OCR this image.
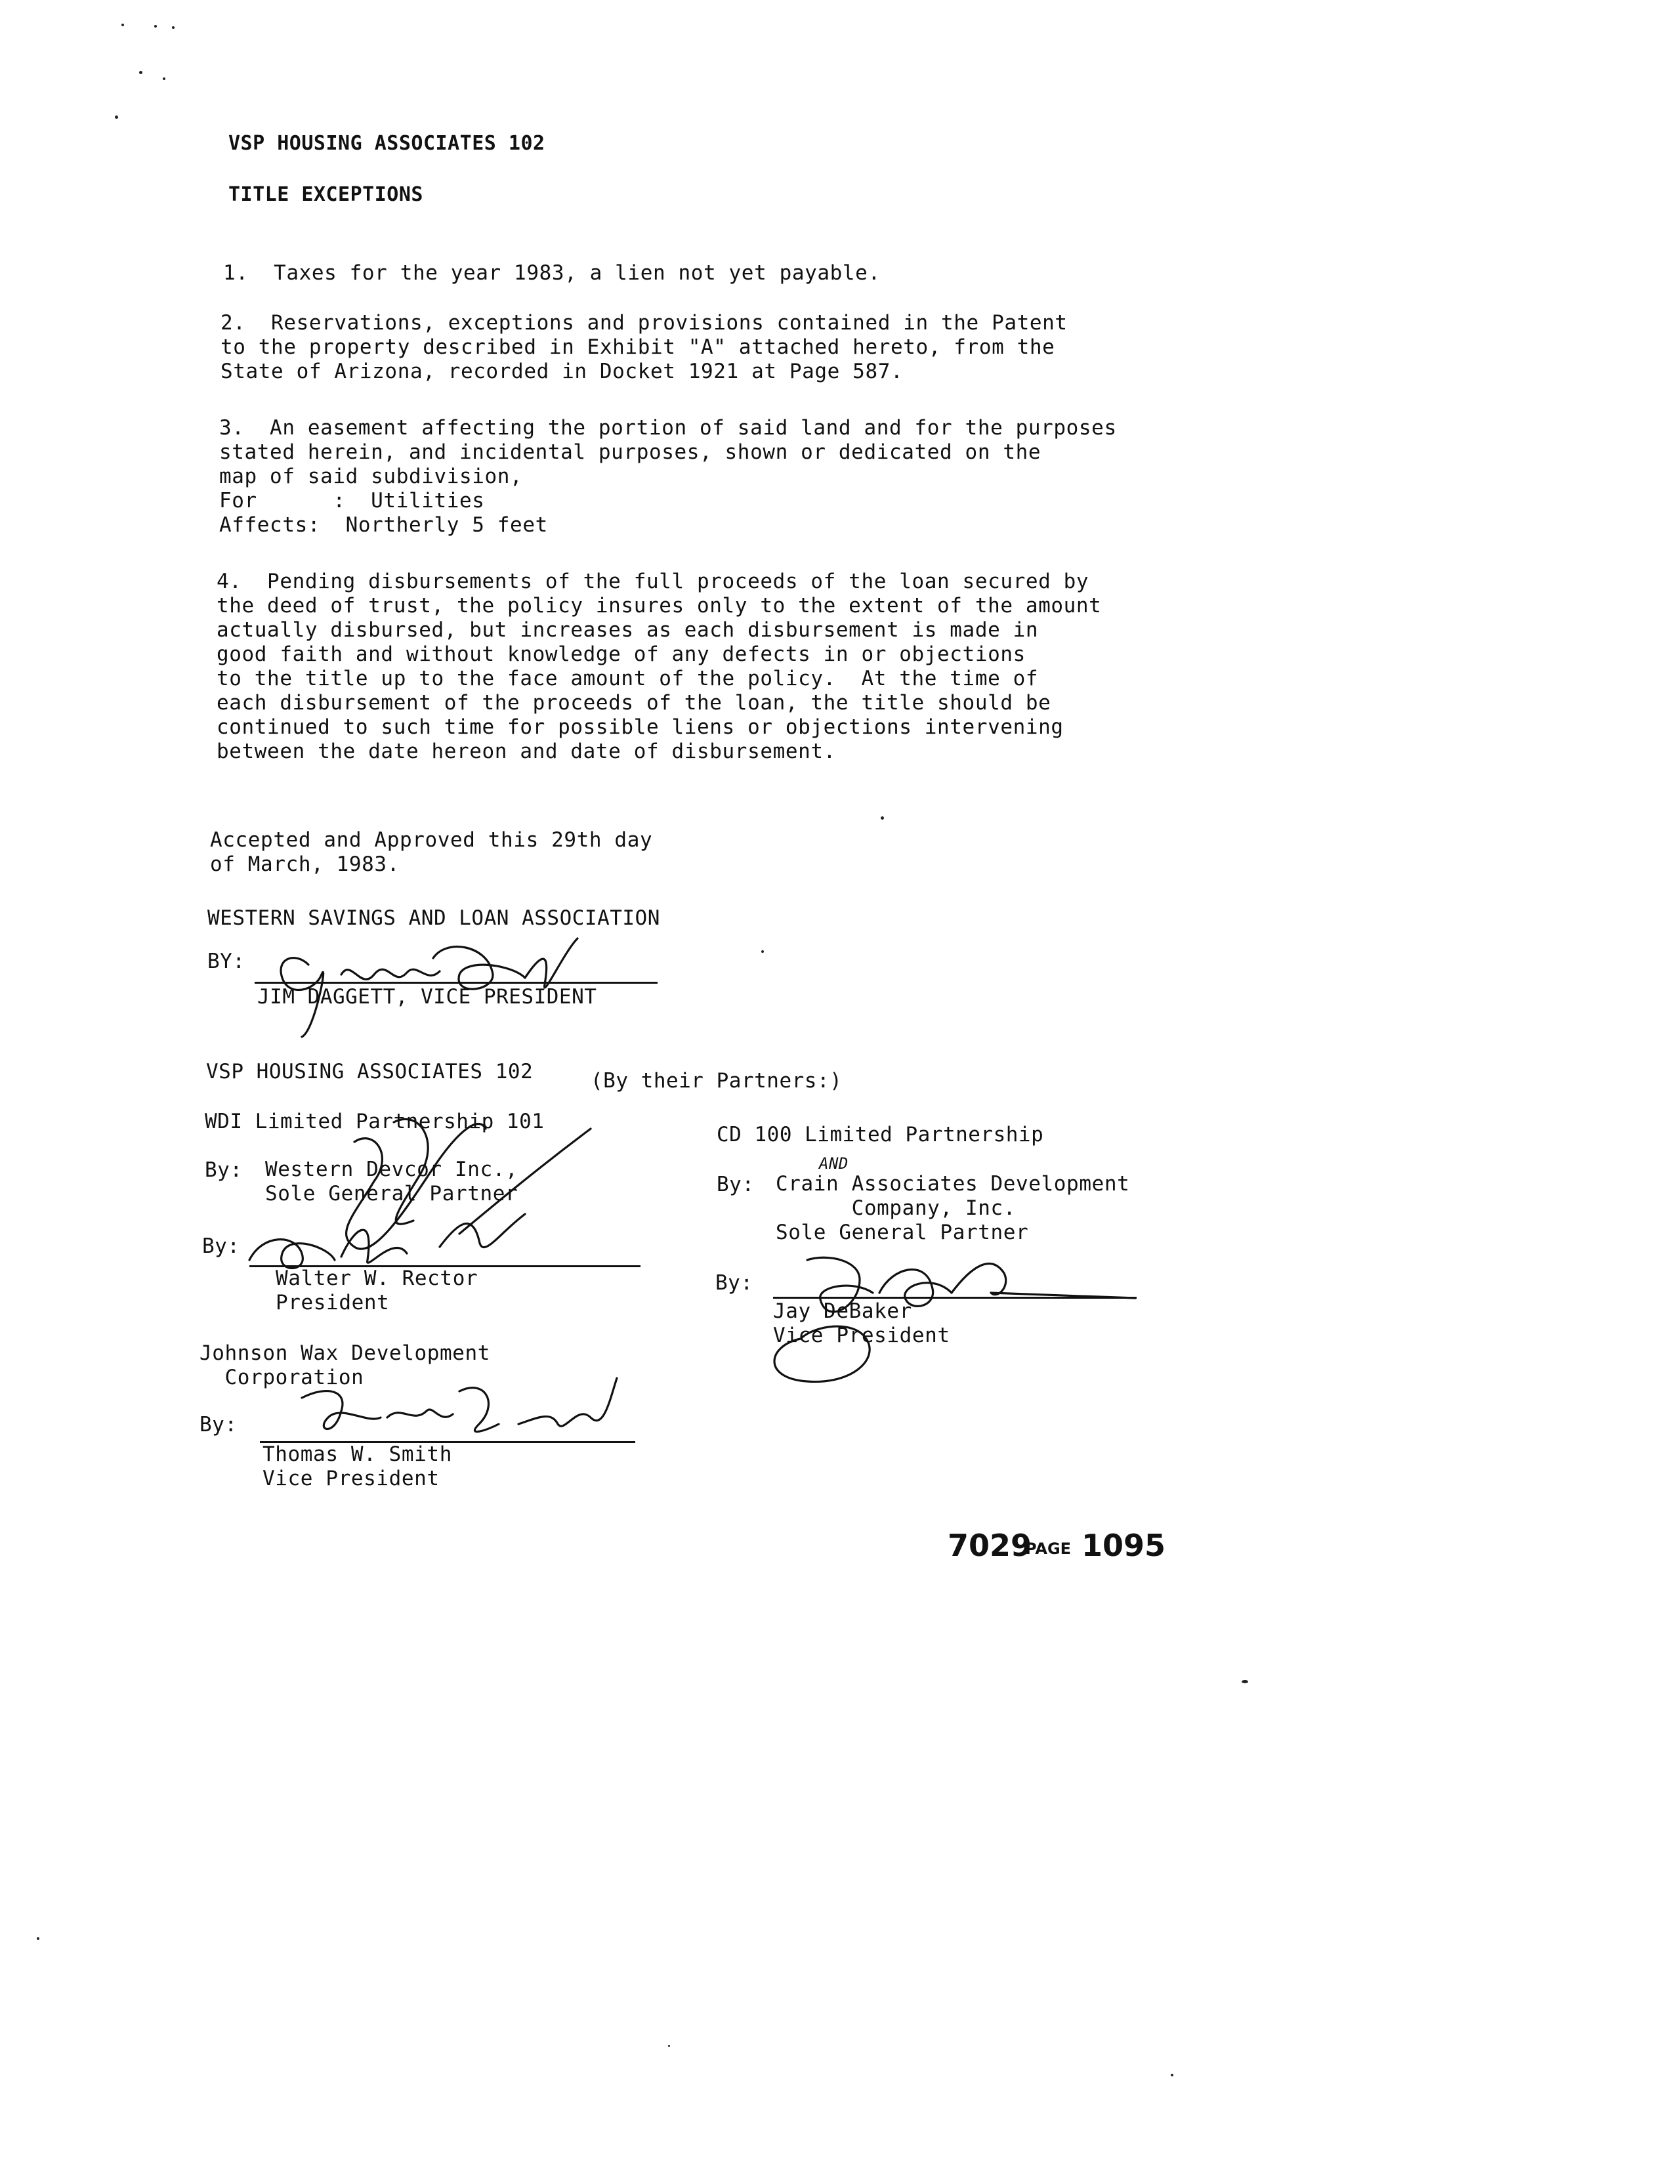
VSP HOUSING ASSOCIATES 102
TITLE EXCEPTIONS
1.  Taxes for the year 1983, a lien not yet payable.
2.  Reservations, exceptions and provisions contained in the Patent
to the property described in Exhibit "A" attached hereto, from the
State of Arizona, recorded in Docket 1921 at Page 587.
3.  An easement affecting the portion of said land and for the purposes
stated herein, and incidental purposes, shown or dedicated on the
map of said subdivision,
For      :  Utilities
Affects:  Northerly 5 feet
4.  Pending disbursements of the full proceeds of the loan secured by
the deed of trust, the policy insures only to the extent of the amount
actually disbursed, but increases as each disbursement is made in
good faith and without knowledge of any defects in or objections
to the title up to the face amount of the policy.  At the time of
each disbursement of the proceeds of the loan, the title should be
continued to such time for possible liens or objections intervening
between the date hereon and date of disbursement.
Accepted and Approved this 29th day
of March, 1983.
WESTERN SAVINGS AND LOAN ASSOCIATION
BY:
JIM DAGGETT, VICE PRESIDENT
VSP HOUSING ASSOCIATES 102	(By their Partners:)
WDI Limited Partnership 101
By: Western Devcor Inc.,
Sole General Partner
By:
Walter W. Rector
President
CD 100 Limited Partnership
AND
By: Crain Associates Development
Company, Inc.
Sole General Partner
By:
Jay DeBaker
Vice President
Johnson Wax Development
Corporation
By:
Thomas W. Smith
Vice President
7029
PAGE 1095
